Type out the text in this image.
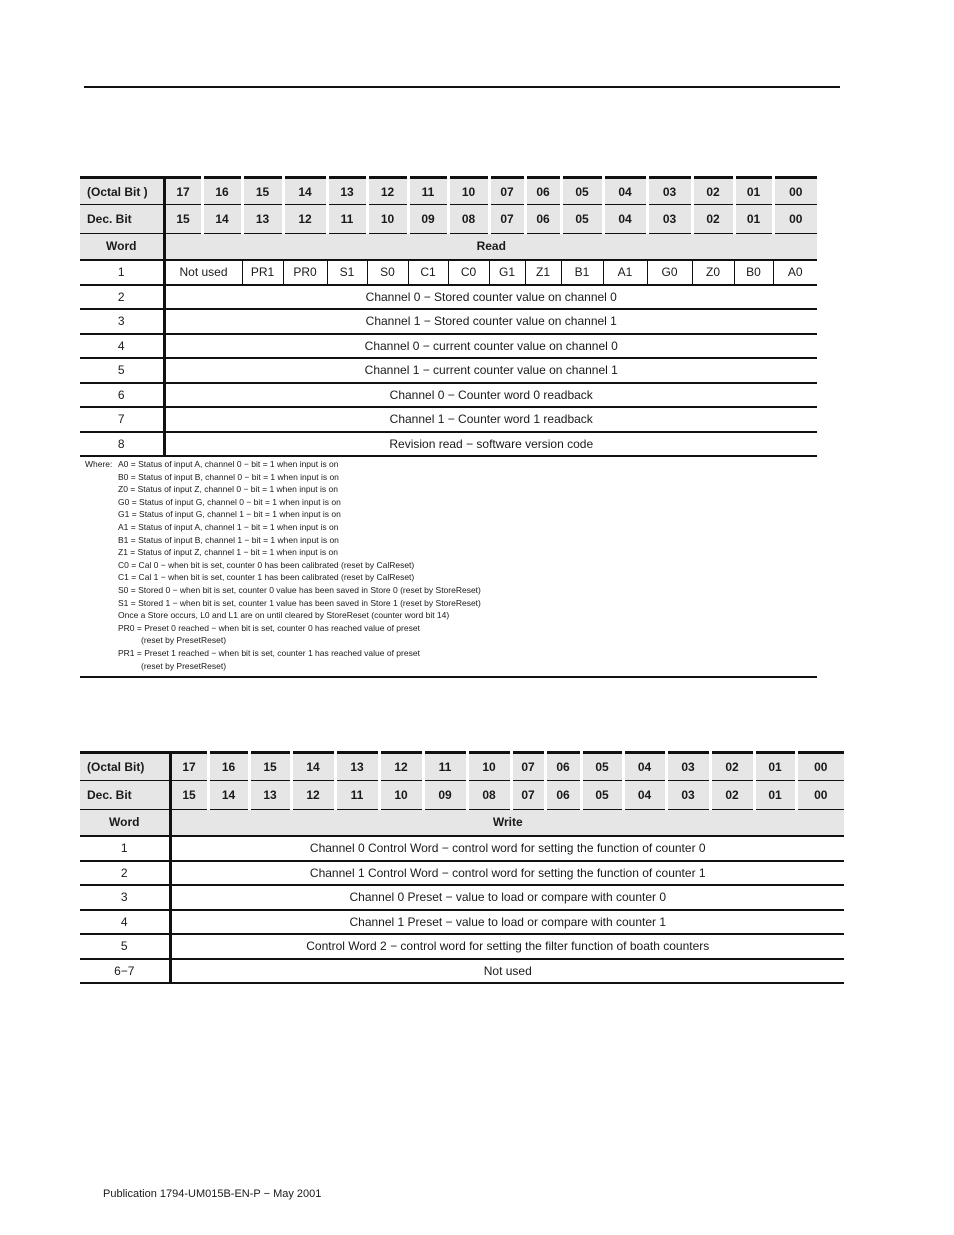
(Octal Bit )	17	16	15	14	13	12	11	10	07	06	05	04	03	02	01	00
Dec. Bit	15	14	13	12	11	10	09	08	07	06	05	04	03	02	01	00
Word	Read															
1	Not used		PR1	PR0	S1	S0	C1	C0	G1	Z1	B1	A1	G0	Z0	B0	A0
2	Channel 0 − Stored counter value on channel 0															
3	Channel 1 − Stored counter value on channel 1															
4	Channel 0 − current counter value on channel 0															
5	Channel 1 − current counter value on channel 1															
6	Channel 0 − Counter word 0 readback															
7	Channel 1 − Counter word 1 readback															
8	Revision read − software version code															
Where: A0 = Status of input A, channel 0 − bit = 1 when input is on
B0 = Status of input B, channel 0 − bit = 1 when input is on
Z0 = Status of input Z, channel 0 − bit = 1 when input is on
G0 = Status of input G, channel 0 − bit = 1 when input is on
G1 = Status of input G, channel 1 − bit = 1 when input is on
A1 = Status of input A, channel 1 − bit = 1 when input is on
B1 = Status of input B, channel 1 − bit = 1 when input is on
Z1 = Status of input Z, channel 1 − bit = 1 when input is on
C0 = Cal 0 − when bit is set, counter 0 has been calibrated (reset by CalReset)
C1 = Cal 1 − when bit is set, counter 1 has been calibrated (reset by CalReset)
S0 = Stored 0 − when bit is set, counter 0 value has been saved in Store 0 (reset by StoreReset)
S1 = Stored 1 − when bit is set, counter 1 value has been saved in Store 1 (reset by StoreReset)
Once a Store occurs, L0 and L1 are on until cleared by StoreReset (counter word bit 14)
PR0 = Preset 0 reached − when bit is set, counter 0 has reached value of preset
(reset by PresetReset)
PR1 = Preset 1 reached − when bit is set, counter 1 has reached value of preset
(reset by PresetReset)
(Octal Bit)	17	16	15	14	13	12	11	10	07	06	05	04	03	02	01	00
Dec. Bit	15	14	13	12	11	10	09	08	07	06	05	04	03	02	01	00
Word	Write															
1	Channel 0 Control Word − control word for setting the function of counter 0															
2	Channel 1 Control Word − control word for setting the function of counter 1															
3	Channel 0 Preset − value to load or compare with counter 0															
4	Channel 1 Preset − value to load or compare with counter 1															
5	Control Word 2 − control word for setting the filter function of boath counters															
6−7	Not used															
Publication 1794-UM015B-EN-P − May 2001
